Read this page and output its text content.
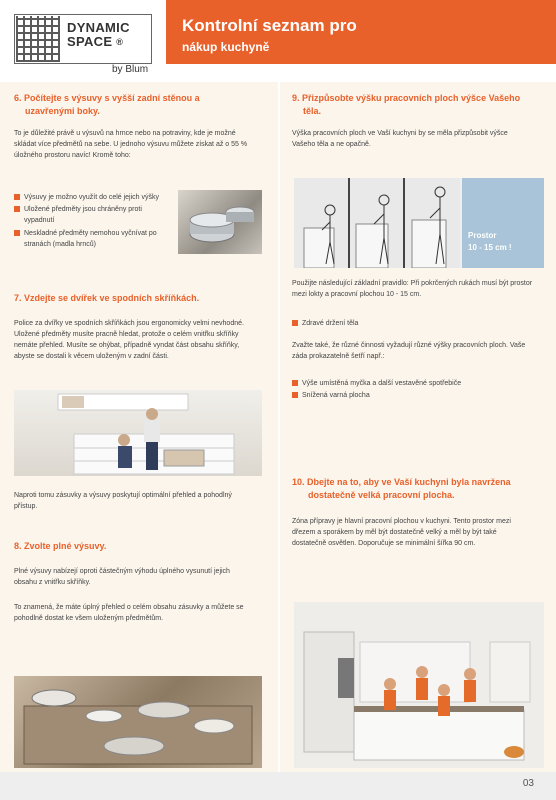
DYNAMIC
SPACE ®
by Blum
Kontrolní seznam pro
nákup kuchyně	blum
6. Počítejte s výsuvy s vyšší zadní stěnou a
uzavřenými boky.
To je důležité právě u výsuvů na hrnce nebo na potraviny, kde je možné
skládat více předmětů na sebe. U jednoho výsuvu můžete získat až o 55 %
úložného prostoru navíc! Kromě toho:
Výsuvy je možno využít do celé jejich výšky
Uložené předměty jsou chráněny proti
vypadnutí
Neskladné předměty nemohou vyčnívat po
stranách (madla hrnců)
7. Vzdejte se dvířek ve spodních skříňkách.
Police za dvířky ve spodních skříňkách jsou ergonomicky velmi nevhodné.
Uložené předměty musíte pracně hledat, protože o celém vnitřku skříňky
nemáte přehled. Musíte se ohýbat, případně vyndat část obsahu skříňky,
abyste se dostali k věcem uloženým v zadní části.
Naproti tomu zásuvky a výsuvy poskytují optimální přehled a pohodlný
přístup.
8. Zvolte plné výsuvy.
Plné výsuvy nabízejí oproti částečným výhodu úplného vysunutí jejich
obsahu z vnitřku skříňky.
To znamená, že máte úplný přehled o celém obsahu zásuvky a můžete se
pohodlně dostat ke všem uloženým předmětům.
9. Přizpůsobte výšku pracovních ploch výšce Vašeho
těla.
Výška pracovních ploch ve Vaší kuchyni by se měla přizpůsobit výšce
Vašeho těla a ne opačně.
Prostor
10 - 15 cm !
Použijte následující základní pravidlo: Při pokrčených rukách musí být prostor
mezi lokty a pracovní plochou 10 - 15 cm.
Zdravé držení těla
Zvažte také, že různé činnosti vyžadují různé výšky pracovních ploch. Vaše
záda prokazatelně šetří např.:
Výše umístěná myčka a další vestavěné spotřebiče
Snížená varná plocha
10. Dbejte na to, aby ve Vaší kuchyni byla navržena
dostatečně velká pracovní plocha.
Zóna přípravy je hlavní pracovní plochou v kuchyni. Tento prostor mezi
dřezem a sporákem by měl být dostatečně velký a měl by být také
dostatečně osvětlen. Doporučuje se minimální šířka 90 cm.
03
